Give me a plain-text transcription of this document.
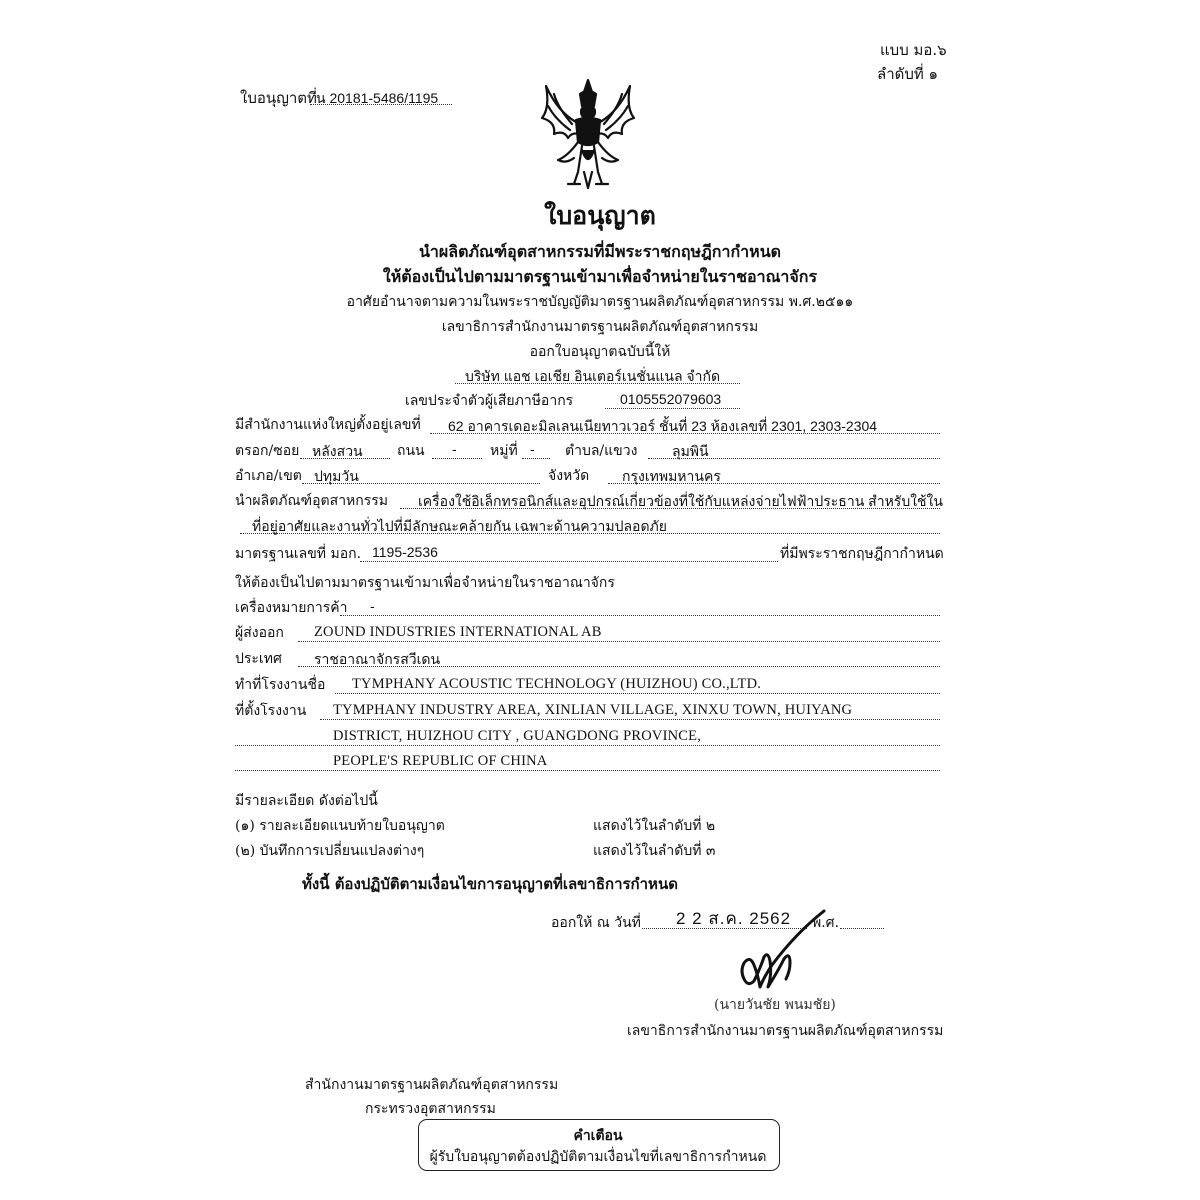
แบบ มอ.๖
ลำดับที่ ๑
ใบอนุญาตที่ น 20181-5486/1195
ใบอนุญาต
นำผลิตภัณฑ์อุตสาหกรรมที่มีพระราชกฤษฎีกากำหนด
ให้ต้องเป็นไปตามมาตรฐานเข้ามาเพื่อจำหน่ายในราชอาณาจักร
อาศัยอำนาจตามความในพระราชบัญญัติมาตรฐานผลิตภัณฑ์อุตสาหกรรม พ.ศ.๒๕๑๑
เลขาธิการสำนักงานมาตรฐานผลิตภัณฑ์อุตสาหกรรม
ออกใบอนุญาตฉบับนี้ให้
บริษัท แอช เอเชีย อินเตอร์เนชั่นแนล จำกัด
เลขประจำตัวผู้เสียภาษีอากร	0105552079603
มีสำนักงานแห่งใหญ่ตั้งอยู่เลขที่ 62 อาคารเดอะมิลเลนเนียทาวเวอร์ ชั้นที่ 23 ห้องเลขที่ 2301, 2303-2304
ตรอก/ซอย หลังสวน ถนน - หมู่ที่ - ตำบล/แขวง ลุมพินี
อำเภอ/เขต ปทุมวัน	จังหวัด กรุงเทพมหานคร
นำผลิตภัณฑ์อุตสาหกรรม เครื่องใช้อิเล็กทรอนิกส์และอุปกรณ์เกี่ยวข้องที่ใช้กับแหล่งจ่ายไฟฟ้าประธาน สำหรับใช้ใน
ที่อยู่อาศัยและงานทั่วไปที่มีลักษณะคล้ายกัน เฉพาะด้านความปลอดภัย
มาตรฐานเลขที่ มอก. 1195-2536	ที่มีพระราชกฤษฎีกากำหนด
ให้ต้องเป็นไปตามมาตรฐานเข้ามาเพื่อจำหน่ายในราชอาณาจักร
เครื่องหมายการค้า -
ผู้ส่งออก ZOUND INDUSTRIES INTERNATIONAL AB
ประเทศ ราชอาณาจักรสวีเดน
ทำที่โรงงานชื่อ TYMPHANY ACOUSTIC TECHNOLOGY (HUIZHOU) CO.,LTD.
ที่ตั้งโรงงาน TYMPHANY INDUSTRY AREA, XINLIAN VILLAGE, XINXU TOWN, HUIYANG
DISTRICT, HUIZHOU CITY , GUANGDONG PROVINCE,
PEOPLE'S REPUBLIC OF CHINA
มีรายละเอียด ดังต่อไปนี้
(๑) รายละเอียดแนบท้ายใบอนุญาต	แสดงไว้ในลำดับที่ ๒
(๒) บันทึกการเปลี่ยนแปลงต่างๆ	แสดงไว้ในลำดับที่ ๓
ทั้งนี้ ต้องปฏิบัติตามเงื่อนไขการอนุญาตที่เลขาธิการกำหนด
ออกให้ ณ วันที่ 2 2 ส.ค. 2562 พ.ศ.
(นายวันชัย พนมชัย)
เลขาธิการสำนักงานมาตรฐานผลิตภัณฑ์อุตสาหกรรม
สำนักงานมาตรฐานผลิตภัณฑ์อุตสาหกรรม
กระทรวงอุตสาหกรรม
คำเตือน
ผู้รับใบอนุญาตต้องปฏิบัติตามเงื่อนไขที่เลขาธิการกำหนด
